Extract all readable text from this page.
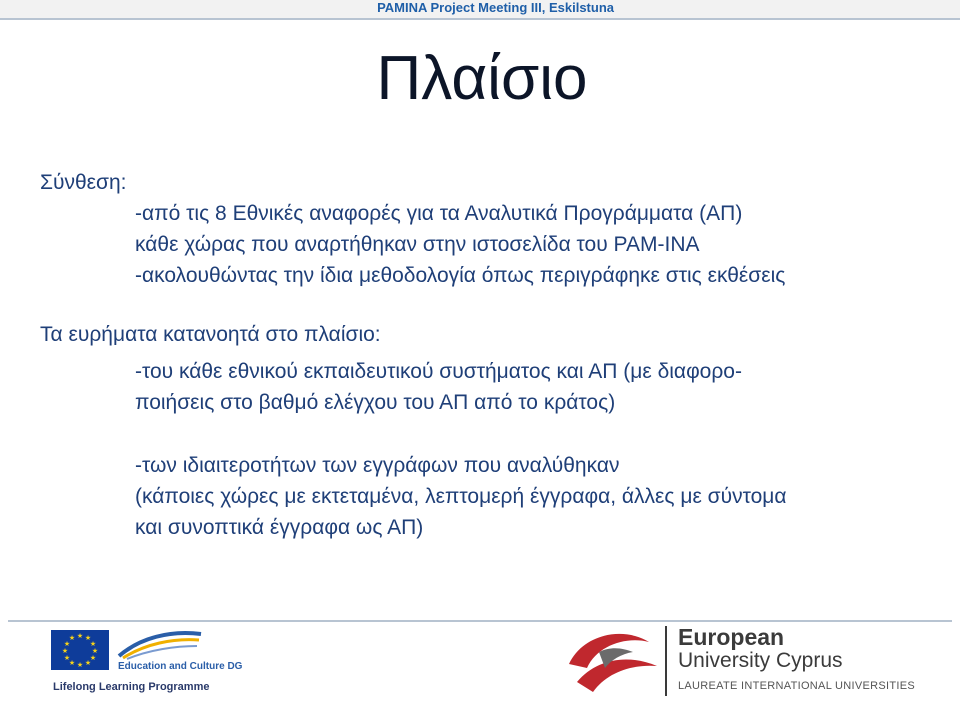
PAMINA Project Meeting III, Eskilstuna
Πλαίσιο
Σύνθεση:
-από τις 8 Εθνικές αναφορές για τα Αναλυτικά Προγράμματα (ΑΠ)
κάθε χώρας που αναρτήθηκαν στην ιστοσελίδα του PAM-INA
-ακολουθώντας την ίδια μεθοδολογία όπως περιγράφηκε στις εκθέσεις
Τα ευρήματα κατανοητά στο πλαίσιο:
-του κάθε εθνικού εκπαιδευτικού συστήματος και ΑΠ (με διαφορο-
ποιήσεις στο βαθμό ελέγχου του ΑΠ από το κράτος)
-των ιδιαιτεροτήτων των εγγράφων που αναλύθηκαν
(κάποιες χώρες με εκτεταμένα, λεπτομερή έγγραφα, άλλες με σύντομα
και συνοπτικά έγγραφα ως ΑΠ)
★ ★
★
★
★
★
★
★
★
★
★
★
Education and Culture DG
Lifelong Learning Programme
European
University Cyprus
LAUREATE INTERNATIONAL UNIVERSITIES
